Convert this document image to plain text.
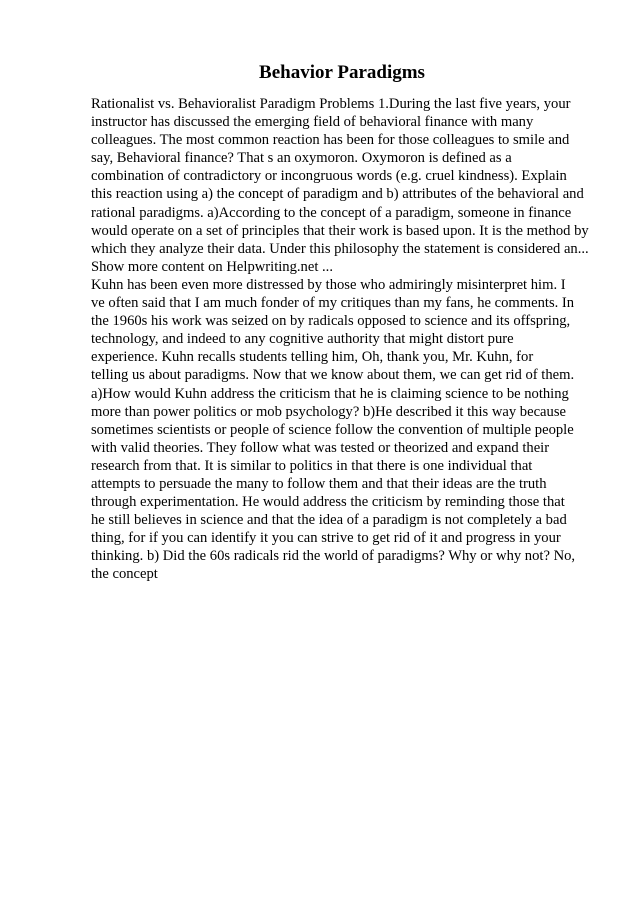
Behavior Paradigms
Rationalist vs. Behavioralist Paradigm Problems 1.During the last five years, your
instructor has discussed the emerging field of behavioral finance with many
colleagues. The most common reaction has been for those colleagues to smile and
say, Behavioral finance? That s an oxymoron. Oxymoron is defined as a
combination of contradictory or incongruous words (e.g. cruel kindness). Explain
this reaction using a) the concept of paradigm and b) attributes of the behavioral and
rational paradigms. a)According to the concept of a paradigm, someone in finance
would operate on a set of principles that their work is based upon. It is the method by
which they analyze their data. Under this philosophy the statement is considered an...
Show more content on Helpwriting.net ...
Kuhn has been even more distressed by those who admiringly misinterpret him. I
ve often said that I am much fonder of my critiques than my fans, he comments. In
the 1960s his work was seized on by radicals opposed to science and its offspring,
technology, and indeed to any cognitive authority that might distort pure
experience. Kuhn recalls students telling him, Oh, thank you, Mr. Kuhn, for
telling us about paradigms. Now that we know about them, we can get rid of them.
a)How would Kuhn address the criticism that he is claiming science to be nothing
more than power politics or mob psychology? b)He described it this way because
sometimes scientists or people of science follow the convention of multiple people
with valid theories. They follow what was tested or theorized and expand their
research from that. It is similar to politics in that there is one individual that
attempts to persuade the many to follow them and that their ideas are the truth
through experimentation. He would address the criticism by reminding those that
he still believes in science and that the idea of a paradigm is not completely a bad
thing, for if you can identify it you can strive to get rid of it and progress in your
thinking. b) Did the 60s radicals rid the world of paradigms? Why or why not? No,
the concept
